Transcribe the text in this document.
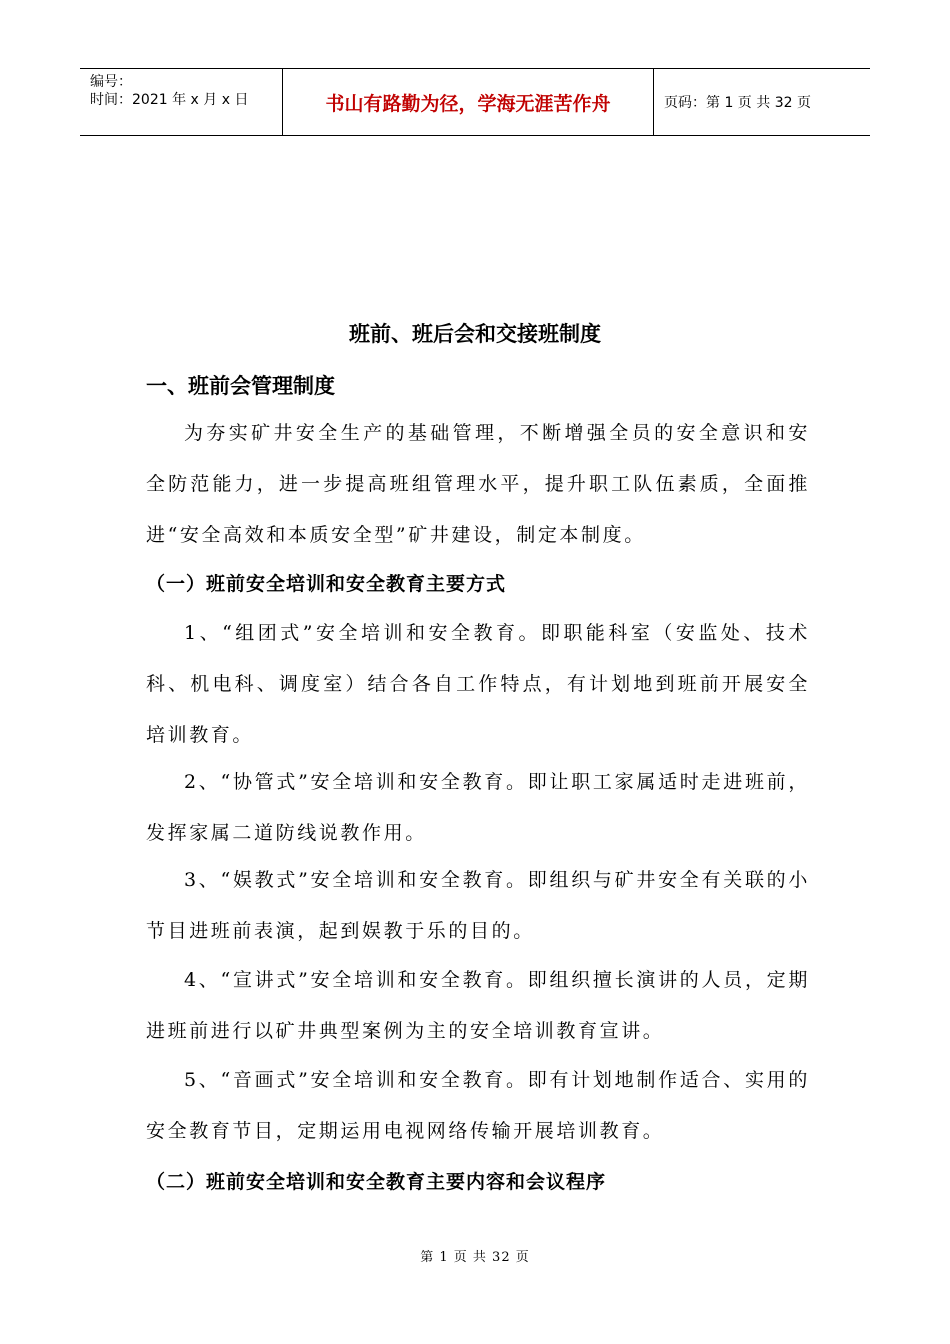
编号：
时间：2021 年 x 月 x 日	书山有路勤为径，学海无涯苦作舟	页码：第 1 页 共 32 页
班前、班后会和交接班制度
一、班前会管理制度

为夯实矿井安全生产的基础管理，不断增强全员的安全意识和安全防范能力，进一步提高班组管理水平，提升职工队伍素质，全面推进“安全高效和本质安全型”矿井建设，制定本制度。

（一）班前安全培训和安全教育主要方式

1、“组团式”安全培训和安全教育。即职能科室（安监处、技术科、机电科、调度室）结合各自工作特点，有计划地到班前开展安全培训教育。

2、“协管式”安全培训和安全教育。即让职工家属适时走进班前，发挥家属二道防线说教作用。

3、“娱教式”安全培训和安全教育。即组织与矿井安全有关联的小节目进班前表演，起到娱教于乐的目的。

4、“宣讲式”安全培训和安全教育。即组织擅长演讲的人员，定期进班前进行以矿井典型案例为主的安全培训教育宣讲。

5、“音画式”安全培训和安全教育。即有计划地制作适合、实用的安全教育节目，定期运用电视网络传输开展培训教育。

（二）班前安全培训和安全教育主要内容和会议程序
第 1 页 共 32 页
